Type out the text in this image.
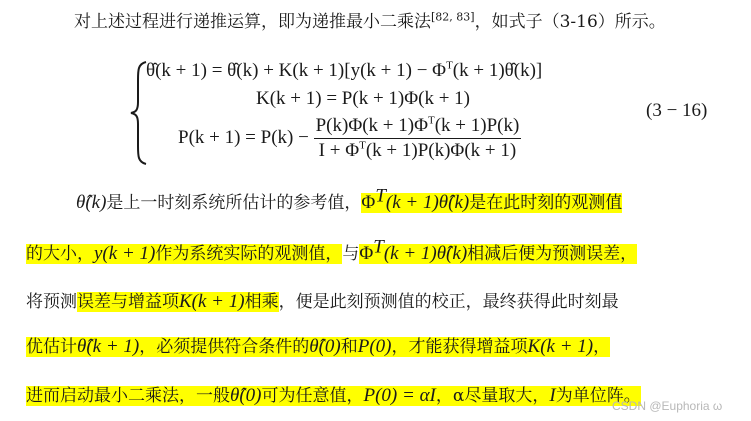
对上述过程进行递推运算，即为递推最小二乘法[82, 83]，如式子（3-16）所示。
θ̂(k + 1) = θ̂(k) + $K(k + 1)[y(k + 1) - \Phi^T(k$ + 1)θ̂(k)]
K(k + 1) = P(k + 1)Φ(k + 1)
$P(k + 1) = P(k) - \frac{P(k)\Phi(k + 1)\Phi^T(k + 1)P(k)}{I + \Phi^T(k + 1)P(k)\Phi(k + 1)}$
(3 − 16)
θ̂(k)是上一时刻系统所估计的参考值，$\Phi^T(k$ + 1)θ̂(k)是在此时刻的观测值
的大小，y(k + 1)作为系统实际的观测值，与$\Phi^T(k$ + 1)θ̂(k)相减后便为预测误差，
将预测误差与增益项K(k + 1)相乘，便是此刻预测值的校正，最终获得此时刻最
优估计θ̂(k + 1)，必须提供符合条件的θ̂(0)和P(0)，才能获得增益项K(k + 1)，
进而启动最小二乘法，一般θ̂(0)可为任意值，P(0) = αI，α尽量取大，I为单位阵。
CSDN @Euphoria ω
